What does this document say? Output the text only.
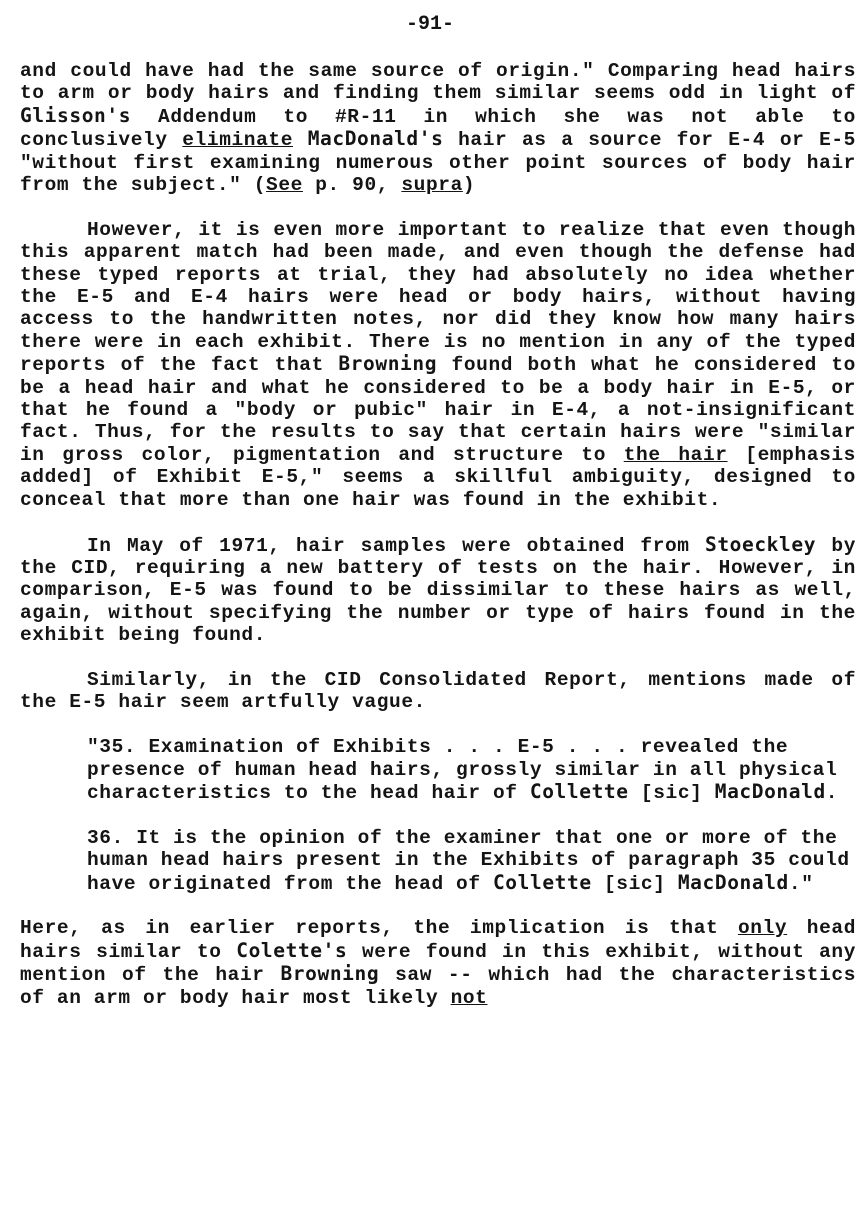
-91-

and could have had the same source of origin." Comparing head hairs to arm or body hairs and finding them similar seems odd in light of Glisson's Addendum to #R-11 in which she was not able to conclusively eliminate MacDonald's hair as a source for E-4 or E-5 "without first examining numerous other point sources of body hair from the subject." (See p. 90, supra)

However, it is even more important to realize that even though this apparent match had been made, and even though the defense had these typed reports at trial, they had absolutely no idea whether the E-5 and E-4 hairs were head or body hairs, without having access to the handwritten notes, nor did they know how many hairs there were in each exhibit. There is no mention in any of the typed reports of the fact that Browning found both what he considered to be a head hair and what he considered to be a body hair in E-5, or that he found a "body or pubic" hair in E-4, a not-insignificant fact. Thus, for the results to say that certain hairs were "similar in gross color, pigmentation and structure to the hair [emphasis added] of Exhibit E-5," seems a skillful ambiguity, designed to conceal that more than one hair was found in the exhibit.

In May of 1971, hair samples were obtained from Stoeckley by the CID, requiring a new battery of tests on the hair. However, in comparison, E-5 was found to be dissimilar to these hairs as well, again, without specifying the number or type of hairs found in the exhibit being found.

Similarly, in the CID Consolidated Report, mentions made of the E-5 hair seem artfully vague.

"35. Examination of Exhibits . . . E-5 . . . revealed the presence of human head hairs, grossly similar in all physical characteristics to the head hair of Collette [sic] MacDonald.

36. It is the opinion of the examiner that one or more of the human head hairs present in the Exhibits of paragraph 35 could have originated from the head of Collette [sic] MacDonald."

Here, as in earlier reports, the implication is that only head hairs similar to Colette's were found in this exhibit, without any mention of the hair Browning saw -- which had the characteristics of an arm or body hair most likely not
